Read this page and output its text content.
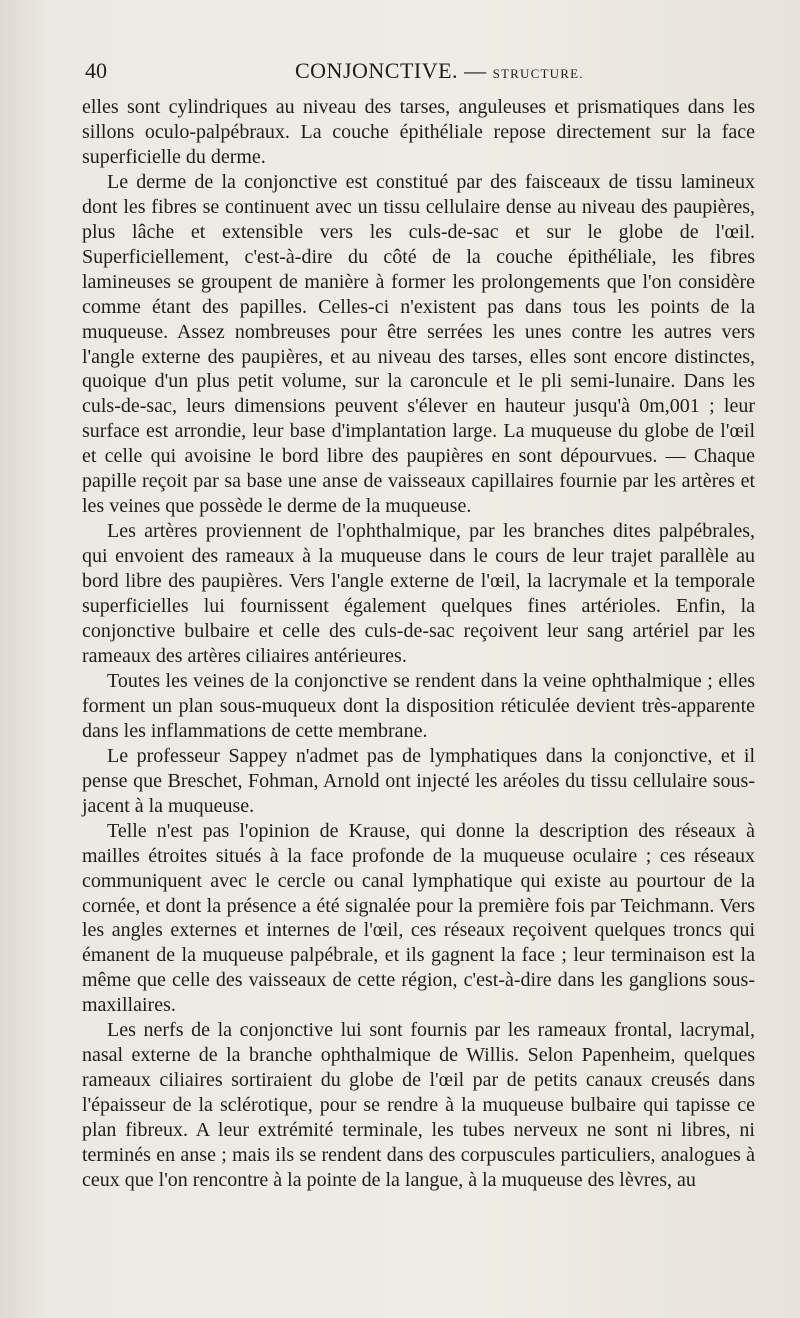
40	CONJONCTIVE. — STRUCTURE.

elles sont cylindriques au niveau des tarses, anguleuses et prismatiques dans les sillons oculo-palpébraux. La couche épithéliale repose directement sur la face superficielle du derme.

Le derme de la conjonctive est constitué par des faisceaux de tissu lamineux dont les fibres se continuent avec un tissu cellulaire dense au niveau des paupières, plus lâche et extensible vers les culs-de-sac et sur le globe de l'œil. Superficiellement, c'est-à-dire du côté de la couche épithéliale, les fibres lamineuses se groupent de manière à former les prolongements que l'on considère comme étant des papilles. Celles-ci n'existent pas dans tous les points de la muqueuse. Assez nombreuses pour être serrées les unes contre les autres vers l'angle externe des paupières, et au niveau des tarses, elles sont encore distinctes, quoique d'un plus petit volume, sur la caroncule et le pli semi-lunaire. Dans les culs-de-sac, leurs dimensions peuvent s'élever en hauteur jusqu'à 0m,001 ; leur surface est arrondie, leur base d'implantation large. La muqueuse du globe de l'œil et celle qui avoisine le bord libre des paupières en sont dépourvues. — Chaque papille reçoit par sa base une anse de vaisseaux capillaires fournie par les artères et les veines que possède le derme de la muqueuse.

Les artères proviennent de l'ophthalmique, par les branches dites palpébrales, qui envoient des rameaux à la muqueuse dans le cours de leur trajet parallèle au bord libre des paupières. Vers l'angle externe de l'œil, la lacrymale et la temporale superficielles lui fournissent également quelques fines artérioles. Enfin, la conjonctive bulbaire et celle des culs-de-sac reçoivent leur sang artériel par les rameaux des artères ciliaires antérieures.

Toutes les veines de la conjonctive se rendent dans la veine ophthalmique ; elles forment un plan sous-muqueux dont la disposition réticulée devient très-apparente dans les inflammations de cette membrane.

Le professeur Sappey n'admet pas de lymphatiques dans la conjonctive, et il pense que Breschet, Fohman, Arnold ont injecté les aréoles du tissu cellulaire sous-jacent à la muqueuse.

Telle n'est pas l'opinion de Krause, qui donne la description des réseaux à mailles étroites situés à la face profonde de la muqueuse oculaire ; ces réseaux communiquent avec le cercle ou canal lymphatique qui existe au pourtour de la cornée, et dont la présence a été signalée pour la première fois par Teichmann. Vers les angles externes et internes de l'œil, ces réseaux reçoivent quelques troncs qui émanent de la muqueuse palpébrale, et ils gagnent la face ; leur terminaison est la même que celle des vaisseaux de cette région, c'est-à-dire dans les ganglions sous-maxillaires.

Les nerfs de la conjonctive lui sont fournis par les rameaux frontal, lacrymal, nasal externe de la branche ophthalmique de Willis. Selon Papenheim, quelques rameaux ciliaires sortiraient du globe de l'œil par de petits canaux creusés dans l'épaisseur de la sclérotique, pour se rendre à la muqueuse bulbaire qui tapisse ce plan fibreux. A leur extrémité terminale, les tubes nerveux ne sont ni libres, ni terminés en anse ; mais ils se rendent dans des corpuscules particuliers, analogues à ceux que l'on rencontre à la pointe de la langue, à la muqueuse des lèvres, au
